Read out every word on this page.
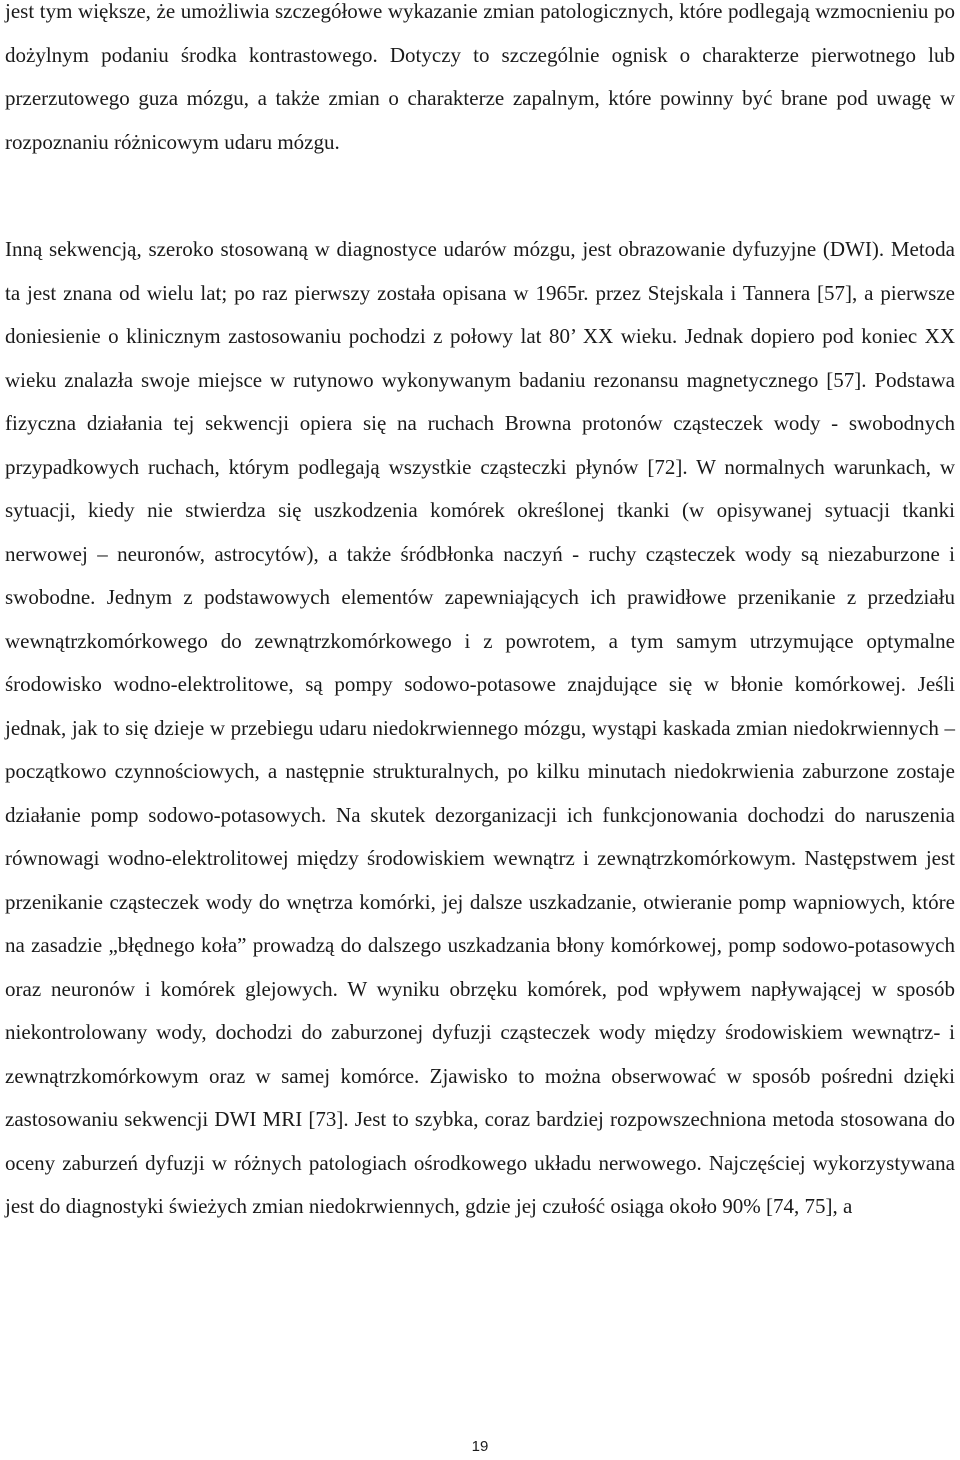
jest tym większe, że umożliwia szczegółowe wykazanie zmian patologicznych, które podlegają wzmocnieniu po dożylnym podaniu środka kontrastowego. Dotyczy to szczególnie ognisk o charakterze pierwotnego lub przerzutowego guza mózgu, a także zmian o charakterze zapalnym, które powinny być brane pod uwagę w rozpoznaniu różnicowym udaru mózgu.

Inną sekwencją, szeroko stosowaną w diagnostyce udarów mózgu, jest obrazowanie dyfuzyjne (DWI). Metoda ta jest znana od wielu lat; po raz pierwszy została opisana w 1965r. przez Stejskala i Tannera [57], a pierwsze doniesienie o klinicznym zastosowaniu pochodzi z połowy lat 80’ XX wieku. Jednak dopiero pod koniec XX wieku znalazła swoje miejsce w rutynowo wykonywanym badaniu rezonansu magnetycznego [57]. Podstawa fizyczna działania tej sekwencji opiera się na ruchach Browna protonów cząsteczek wody - swobodnych przypadkowych ruchach, którym podlegają wszystkie cząsteczki płynów [72]. W normalnych warunkach, w sytuacji, kiedy nie stwierdza się uszkodzenia komórek określonej tkanki (w opisywanej sytuacji tkanki nerwowej – neuronów, astrocytów), a także śródbłonka naczyń - ruchy cząsteczek wody są niezaburzone i swobodne. Jednym z podstawowych elementów zapewniających ich prawidłowe przenikanie z przedziału wewnątrzkomórkowego do zewnątrzkomórkowego i z powrotem, a tym samym utrzymujące optymalne środowisko wodno-elektrolitowe, są pompy sodowo-potasowe znajdujące się w błonie komórkowej. Jeśli jednak, jak to się dzieje w przebiegu udaru niedokrwiennego mózgu, wystąpi kaskada zmian niedokrwiennych – początkowo czynnościowych, a następnie strukturalnych, po kilku minutach niedokrwienia zaburzone zostaje działanie pomp sodowo-potasowych. Na skutek dezorganizacji ich funkcjonowania dochodzi do naruszenia równowagi wodno-elektrolitowej między środowiskiem wewnątrz i zewnątrzkomórkowym. Następstwem jest przenikanie cząsteczek wody do wnętrza komórki, jej dalsze uszkadzanie, otwieranie pomp wapniowych, które na zasadzie „błędnego koła” prowadzą do dalszego uszkadzania błony komórkowej, pomp sodowo-potasowych oraz neuronów i komórek glejowych. W wyniku obrzęku komórek, pod wpływem napływającej w sposób niekontrolowany wody, dochodzi do zaburzonej dyfuzji cząsteczek wody między środowiskiem wewnątrz- i zewnątrzkomórkowym oraz w samej komórce. Zjawisko to można obserwować w sposób pośredni dzięki zastosowaniu sekwencji DWI MRI [73]. Jest to szybka, coraz bardziej rozpowszechniona metoda stosowana do oceny zaburzeń dyfuzji w różnych patologiach ośrodkowego układu nerwowego. Najczęściej wykorzystywana jest do diagnostyki świeżych zmian niedokrwiennych, gdzie jej czułość osiąga około 90% [74, 75], a

19
